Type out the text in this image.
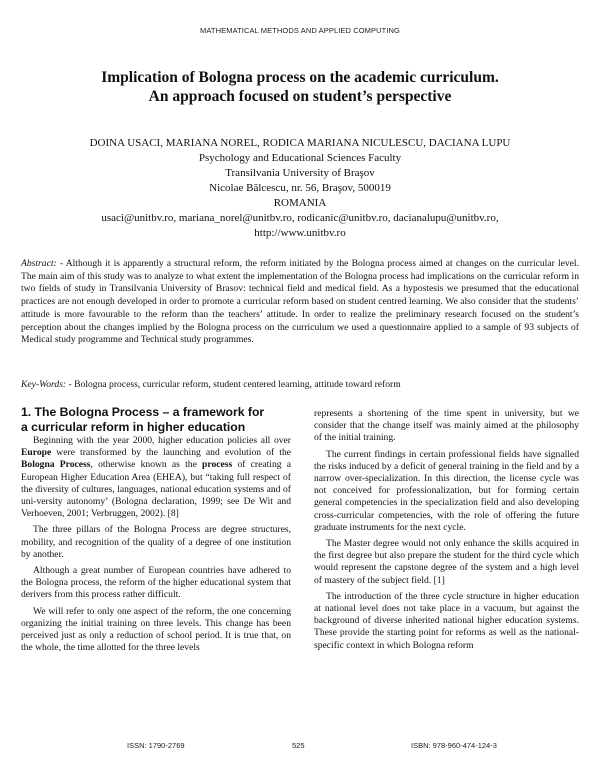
MATHEMATICAL METHODS AND APPLIED COMPUTING
Implication of Bologna process on the academic curriculum.
An approach focused on student’s perspective
DOINA USACI, MARIANA NOREL, RODICA MARIANA NICULESCU, DACIANA LUPU
Psychology and Educational Sciences Faculty
Transilvania University of Braşov
Nicolae Bălcescu, nr. 56, Braşov, 500019
ROMANIA
usaci@unitbv.ro, mariana_norel@unitbv.ro, rodicanic@unitbv.ro, dacianalupu@unitbv.ro,
http://www.unitbv.ro
Abstract: - Although it is apparently a structural reform, the reform initiated by the Bologna process aimed at changes on the curricular level. The main aim of this study was to analyze to what extent the implementation of the Bologna process had implications on the curricular reform in two fields of study in Transilvania University of Brasov: technical field and medical field. As a hypostesis we presumed that the educational practices are not enough developed in order to promote a curricular reform based on student centred learning. We also consider that the students’ attitude is more favourable to the reform than the teachers’ attitude. In order to realize the preliminary research focused on the student’s perception about the changes implied by the Bologna process on the curriculum we used a questionnaire applied to a sample of 93 subjects of Medical study programme and Technical study programmes.
Key-Words: - Bologna process, curricular reform, student centered learning, attitude toward reform
1. The Bologna Process – a framework for
a curricular reform in higher education

Beginning with the year 2000, higher education policies all over Europe were transformed by the launching and evolution of the Bologna Process, otherwise known as the process of creating a European Higher Education Area (EHEA), but “taking full respect of the diversity of cultures, languages, national education systems and of uni-versity autonomy’ (Bologna declaration, 1999; see De Wit and Verhoeven, 2001; Verbruggen, 2002). [8]

The three pillars of the Bologna Process are degree structures, mobility, and recognition of the quality of a degree of one institution by another.

Although a great number of European countries have adhered to the Bologna process, the reform of the higher educational system that derivers from this process rather difficult.

We will refer to only one aspect of the reform, the one concerning organizing the initial training on three levels. This change has been perceived just as only a reduction of school period. It is true that, on the whole, the time allotted for the three levels

represents a shortening of the time spent in university, but we consider that the change itself was mainly aimed at the philosophy of the initial training.

The current findings in certain professional fields have signalled the risks induced by a deficit of general training in the field and by a narrow over-specialization. In this direction, the license cycle was not conceived for professionalization, but for forming certain general competencies in the specialization field and also developing cross-curricular competencies, with the role of offering the future graduate instruments for the next cycle.

The Master degree would not only enhance the skills acquired in the first degree but also prepare the student for the third cycle which would represent the capstone degree of the system and a high level of mastery of the subject field. [1]

The introduction of the three cycle structure in higher education at national level does not take place in a vacuum, but against the background of diverse inherited national higher education systems. These provide the starting point for reforms as well as the national-specific context in which Bologna reform

ISSN: 1790-2769	525	ISBN: 978-960-474-124-3
